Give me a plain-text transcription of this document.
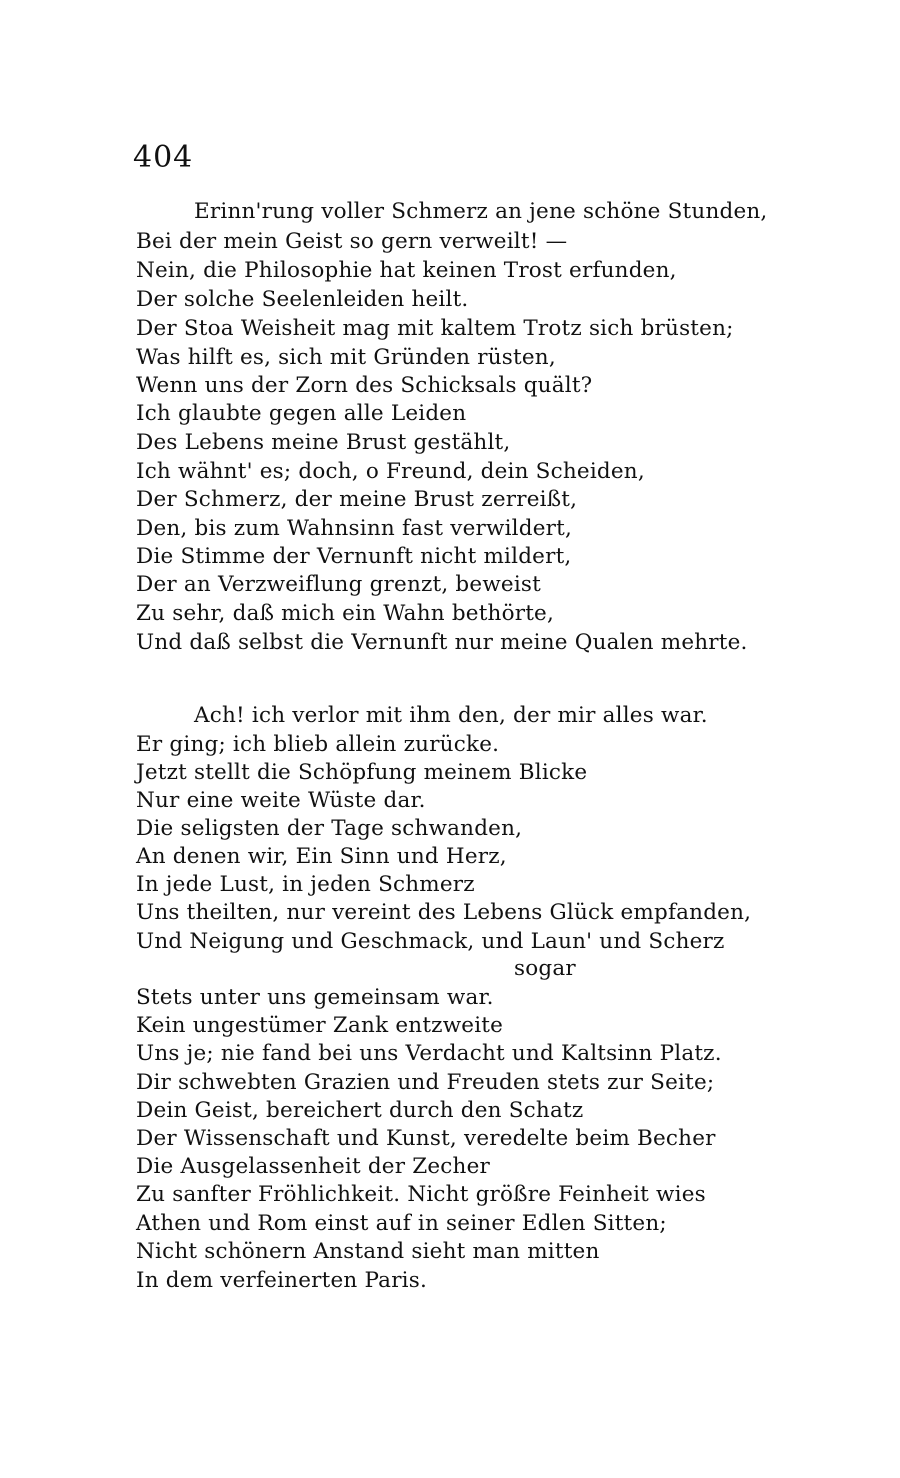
404
Erinn'rung voller Schmerz an jene schöne Stunden,
Bei der mein Geist so gern verweilt! —
Nein, die Philosophie hat keinen Trost erfunden,
Der solche Seelenleiden heilt.
Der Stoa Weisheit mag mit kaltem Trotz sich brüsten;
Was hilft es, sich mit Gründen rüsten,
Wenn uns der Zorn des Schicksals quält?
Ich glaubte gegen alle Leiden
Des Lebens meine Brust gestählt,
Ich wähnt' es; doch, o Freund, dein Scheiden,
Der Schmerz, der meine Brust zerreißt,
Den, bis zum Wahnsinn fast verwildert,
Die Stimme der Vernunft nicht mildert,
Der an Verzweiflung grenzt, beweist
Zu sehr, daß mich ein Wahn bethörte,
Und daß selbst die Vernunft nur meine Qualen mehrte.
Ach! ich verlor mit ihm den, der mir alles war.
Er ging; ich blieb allein zurücke.
Jetzt stellt die Schöpfung meinem Blicke
Nur eine weite Wüste dar.
Die seligsten der Tage schwanden,
An denen wir, Ein Sinn und Herz,
In jede Lust, in jeden Schmerz
Uns theilten, nur vereint des Lebens Glück empfanden,
Und Neigung und Geschmack, und Laun' und Scherz
sogar
Stets unter uns gemeinsam war.
Kein ungestümer Zank entzweite
Uns je; nie fand bei uns Verdacht und Kaltsinn Platz.
Dir schwebten Grazien und Freuden stets zur Seite;
Dein Geist, bereichert durch den Schatz
Der Wissenschaft und Kunst, veredelte beim Becher
Die Ausgelassenheit der Zecher
Zu sanfter Fröhlichkeit. Nicht größre Feinheit wies
Athen und Rom einst auf in seiner Edlen Sitten;
Nicht schönern Anstand sieht man mitten
In dem verfeinerten Paris.
